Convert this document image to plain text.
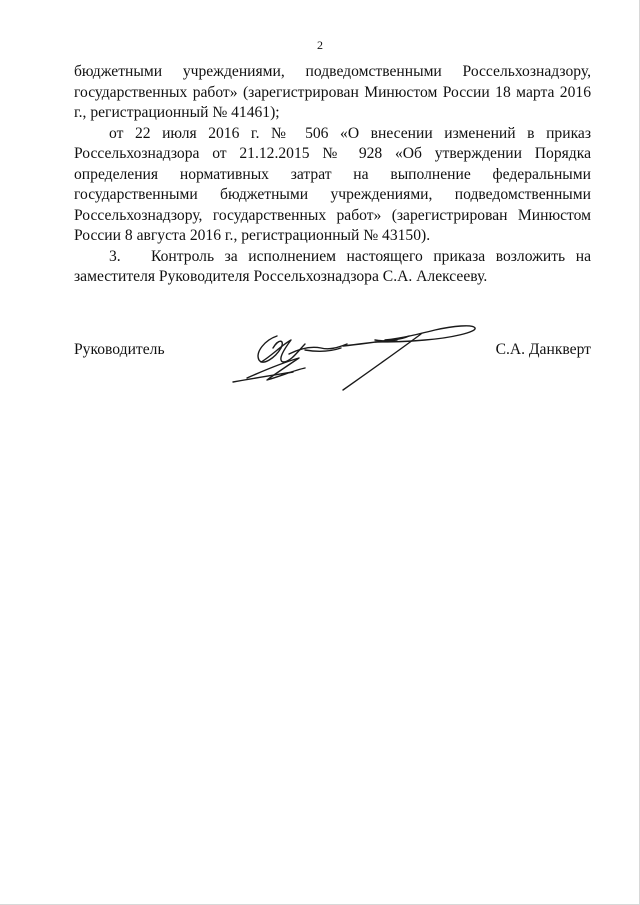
2

бюджетными учреждениями, подведомственными Россельхознадзору, государственных работ» (зарегистрирован Минюстом России 18 марта 2016 г., регистрационный № 41461);

от 22 июля 2016 г. № 506 «О внесении изменений в приказ Россельхознадзора от 21.12.2015 № 928 «Об утверждении Порядка определения нормативных затрат на выполнение федеральными государственными бюджетными учреждениями, подведомственными Россельхознадзору, государственных работ» (зарегистрирован Минюстом России 8 августа 2016 г., регистрационный № 43150).

3. Контроль за исполнением настоящего приказа возложить на заместителя Руководителя Россельхознадзора С.А. Алексееву.

Руководитель	С.А. Данкверт
